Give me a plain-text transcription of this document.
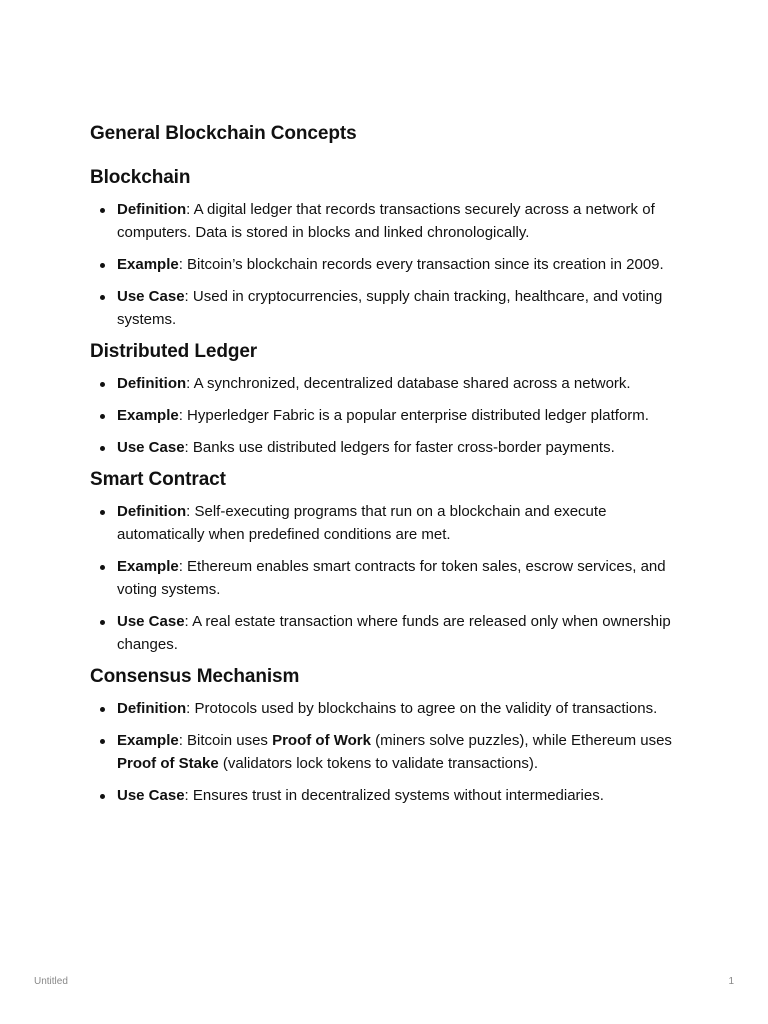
General Blockchain Concepts
Blockchain
Definition: A digital ledger that records transactions securely across a network of computers. Data is stored in blocks and linked chronologically.
Example: Bitcoin’s blockchain records every transaction since its creation in 2009.
Use Case: Used in cryptocurrencies, supply chain tracking, healthcare, and voting systems.
Distributed Ledger
Definition: A synchronized, decentralized database shared across a network.
Example: Hyperledger Fabric is a popular enterprise distributed ledger platform.
Use Case: Banks use distributed ledgers for faster cross-border payments.
Smart Contract
Definition: Self-executing programs that run on a blockchain and execute automatically when predefined conditions are met.
Example: Ethereum enables smart contracts for token sales, escrow services, and voting systems.
Use Case: A real estate transaction where funds are released only when ownership changes.
Consensus Mechanism
Definition: Protocols used by blockchains to agree on the validity of transactions.
Example: Bitcoin uses Proof of Work (miners solve puzzles), while Ethereum uses Proof of Stake (validators lock tokens to validate transactions).
Use Case: Ensures trust in decentralized systems without intermediaries.
Untitled	1
